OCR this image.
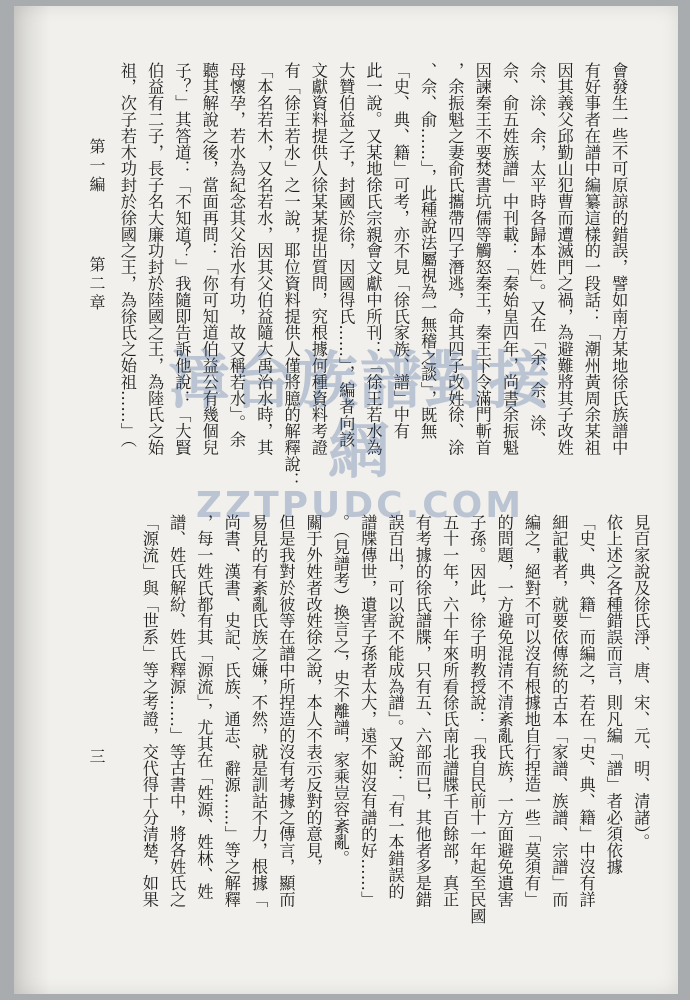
第一編
第二章
三
會發生一些不可原諒的錯誤，譬如南方某地徐氏族譜中
有好事者在譜中編纂這樣的一段話：「潮州黃周余某祖
因其義父邱勤山犯曹而遭滅門之禍，為避難將其子改姓
佘、涂、余，太平時各歸本姓」。又在「余、佘、涂、
佘、俞五姓族譜」中刊載：「秦始皇四年，尚書余振魁
因諫秦王不要焚書坑儒等觸怒秦王，秦王下令滿門斬首
，余振魁之妻俞氏攜帶四子潛逃，命其四子改姓徐、涂
、佘、俞……」，此種說法屬視為一無稽之談」，既無
「史、典、籍」可考，亦不見「徐氏家族、譜」中有
此一說。又某地徐氏宗親會文獻中所刊：「徐王若水為
大贊伯益之子，封國於徐，因國得氏……」，編者向該
文獻資料提供人徐某某提出質問，究根據何種資料考證
有「徐王若水」之一說，耶位資料提供人僅將臆的解釋說：
「本名若木，又名若水，因其父伯益隨大禹治水時，其
母懷孕，若水為紀念其父治水有功，故又稱若水」。余
聽其解說之後，當面再問：「你可知道伯益公有幾個兒
子？」其答道：「不知道？」我隨即告訴他說：「大賢
伯益有二子，長子名大廉功封於陸國之王，為陸氏之始
祖，次子若木功封於徐國之王，為徐氏之始祖……」（
見百家說及徐氏淨、唐、宋、元、明、清諸）。
依上述之各種錯誤而言，則凡編「譜」者必須依據
「史、典、籍」而編之，若在「史、典、籍」中沒有詳
細記載者，就要依傳統的古本「家譜、族譜、宗譜」而
編之，絕對不可以沒有根據地自行捏造一些「莫須有」
的問題，一方避免混清不清紊亂氏族，一方面避免遺害
子孫。因此，徐子明教授說：「我自民前十一年起至民國
五十一年，六十年來所看徐氏南北譜牒千百餘部，真正
有考據的徐氏譜牒，只有五、六部而已，其他者多是錯
誤百出，可以說不能成為譜」。又說：「有一本錯誤的
譜牒傳世，遺害子孫者太大，遠不如沒有譜的好……」
。（見譜考）換言之，史不離譜，家乘豈容紊亂。
關于外姓者改姓徐之說，本人不表示反對的意見，
但是我對於彼等在譜中所捏造的沒有考據之傳言，顯而
易見的有紊亂氏族之嫌，不然，就是訓詁不力，根據「
尚書、漢書、史記、氏族、通志、辭源……」等之解釋
，每一姓氏都有其「源流」，尤其在「姓源、姓林、姓
譜、姓氏解紛、姓氏釋源……」等古書中，將各姓氏之
「源流」與「世系」等之考證，交代得十分清楚，如果
漳台族譜對接網
ZZTPUDC.COM
